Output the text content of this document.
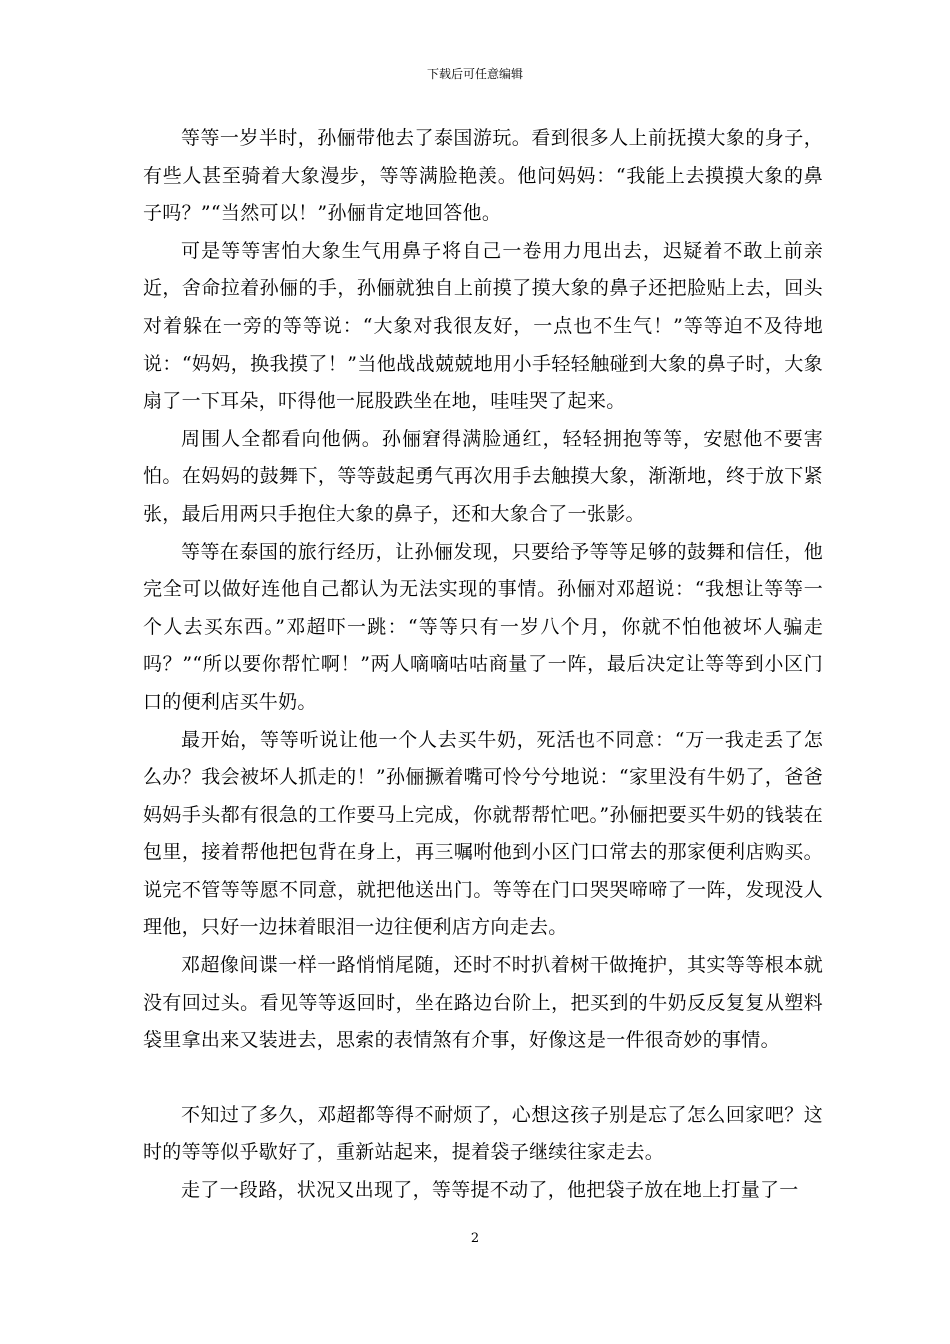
下载后可任意编辑

等等一岁半时，孙俪带他去了泰国游玩。看到很多人上前抚摸大象的身子，有些人甚至骑着大象漫步，等等满脸艳羡。他问妈妈：“我能上去摸摸大象的鼻子吗？”“当然可以！”孙俪肯定地回答他。

可是等等害怕大象生气用鼻子将自己一卷用力甩出去，迟疑着不敢上前亲近，舍命拉着孙俪的手，孙俪就独自上前摸了摸大象的鼻子还把脸贴上去，回头对着躲在一旁的等等说：“大象对我很友好，一点也不生气！”等等迫不及待地说：“妈妈，换我摸了！”当他战战兢兢地用小手轻轻触碰到大象的鼻子时，大象扇了一下耳朵，吓得他一屁股跌坐在地，哇哇哭了起来。

周围人全都看向他俩。孙俪窘得满脸通红，轻轻拥抱等等，安慰他不要害怕。在妈妈的鼓舞下，等等鼓起勇气再次用手去触摸大象，渐渐地，终于放下紧张，最后用两只手抱住大象的鼻子，还和大象合了一张影。

等等在泰国的旅行经历，让孙俪发现，只要给予等等足够的鼓舞和信任，他完全可以做好连他自己都认为无法实现的事情。孙俪对邓超说：“我想让等等一个人去买东西。”邓超吓一跳：“等等只有一岁八个月，你就不怕他被坏人骗走吗？”“所以要你帮忙啊！”两人嘀嘀咕咕商量了一阵，最后决定让等等到小区门口的便利店买牛奶。

最开始，等等听说让他一个人去买牛奶，死活也不同意：“万一我走丢了怎么办？我会被坏人抓走的！”孙俪撅着嘴可怜兮兮地说：“家里没有牛奶了，爸爸妈妈手头都有很急的工作要马上完成，你就帮帮忙吧。”孙俪把要买牛奶的钱装在包里，接着帮他把包背在身上，再三嘱咐他到小区门口常去的那家便利店购买。说完不管等等愿不同意，就把他送出门。等等在门口哭哭啼啼了一阵，发现没人理他，只好一边抹着眼泪一边往便利店方向走去。

邓超像间谍一样一路悄悄尾随，还时不时扒着树干做掩护，其实等等根本就没有回过头。看见等等返回时，坐在路边台阶上，把买到的牛奶反反复复从塑料袋里拿出来又装进去，思索的表情煞有介事，好像这是一件很奇妙的事情。

不知过了多久，邓超都等得不耐烦了，心想这孩子别是忘了怎么回家吧？这时的等等似乎歇好了，重新站起来，提着袋子继续往家走去。

走了一段路，状况又出现了，等等提不动了，他把袋子放在地上打量了一

2
